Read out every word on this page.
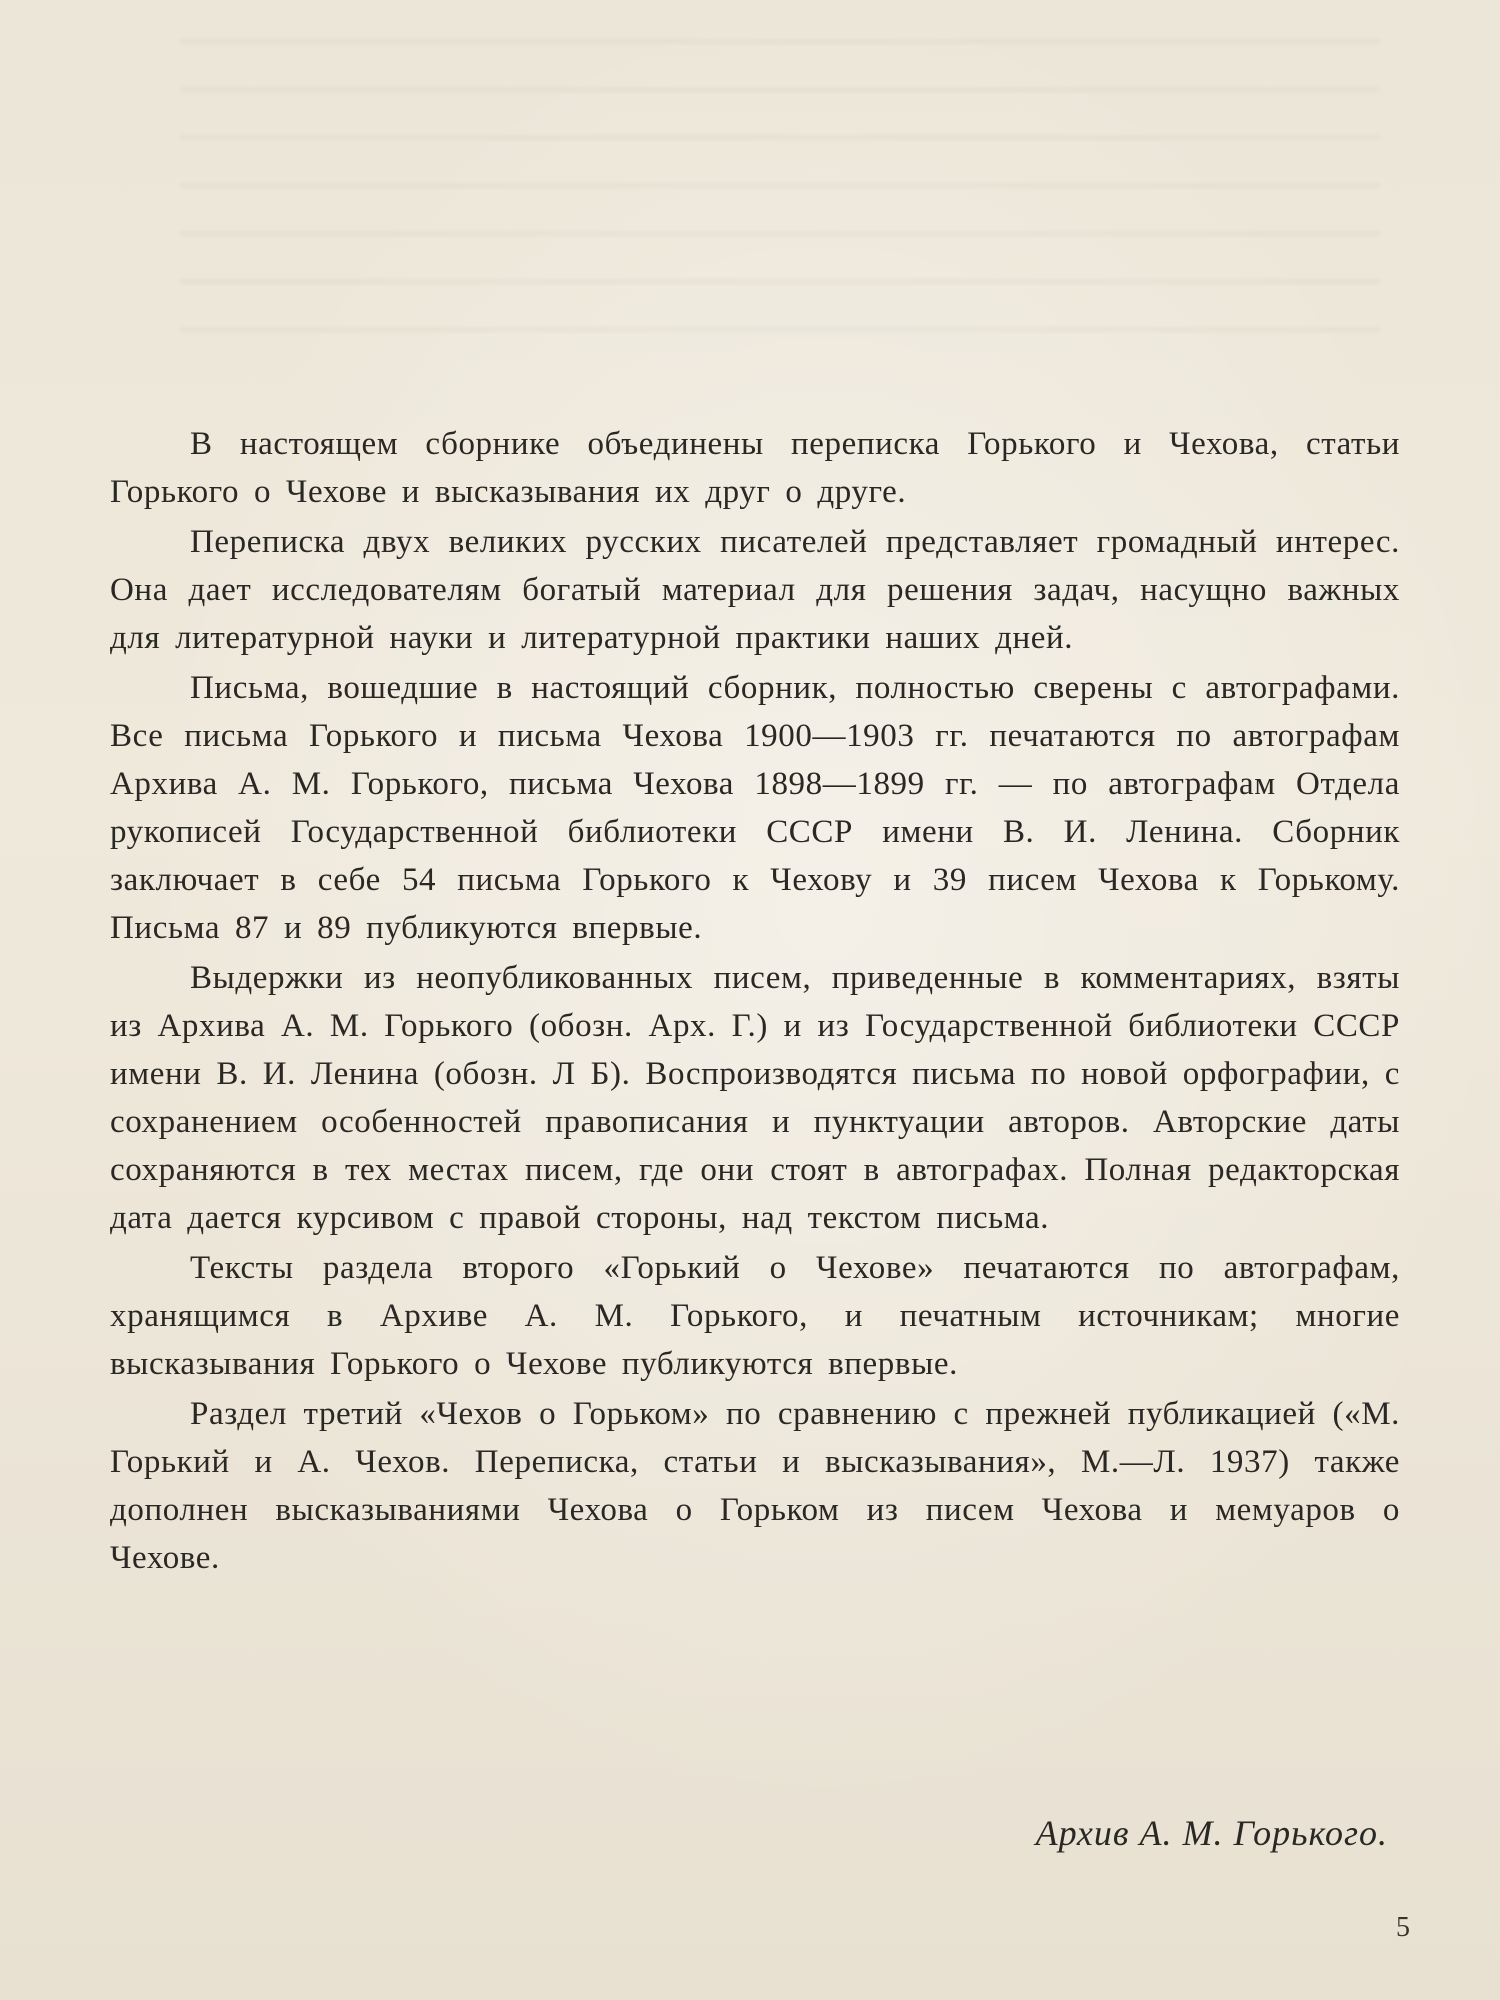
В настоящем сборнике объединены переписка Горького и Чехова, статьи Горького о Чехове и высказывания их друг о друге.

Переписка двух великих русских писателей представляет громадный интерес. Она дает исследователям богатый материал для решения задач, насущно важных для литературной науки и литературной практики наших дней.

Письма, вошедшие в настоящий сборник, полностью сверены с автографами. Все письма Горького и письма Чехова 1900—1903 гг. печатаются по автографам Архива А. М. Горького, письма Чехова 1898—1899 гг. — по автографам Отдела рукописей Государственной библиотеки СССР имени В. И. Ленина. Сборник заключает в себе 54 письма Горького к Чехову и 39 писем Чехова к Горькому. Письма 87 и 89 публикуются впервые.

Выдержки из неопубликованных писем, приведенные в комментариях, взяты из Архива А. М. Горького (обозн. Арх. Г.) и из Государственной библиотеки СССР имени В. И. Ленина (обозн. Л Б). Воспроизводятся письма по новой орфографии, с сохранением особенностей правописания и пунктуации авторов. Авторские даты сохраняются в тех местах писем, где они стоят в автографах. Полная редакторская дата дается курсивом с правой стороны, над текстом письма.

Тексты раздела второго «Горький о Чехове» печатаются по автографам, хранящимся в Архиве А. М. Горького, и печатным источникам; многие высказывания Горького о Чехове публикуются впервые.

Раздел третий «Чехов о Горьком» по сравнению с прежней публикацией («М. Горький и А. Чехов. Переписка, статьи и высказывания», М.—Л. 1937) также дополнен высказываниями Чехова о Горьком из писем Чехова и мемуаров о Чехове.

Архив А. М. Горького.
5
